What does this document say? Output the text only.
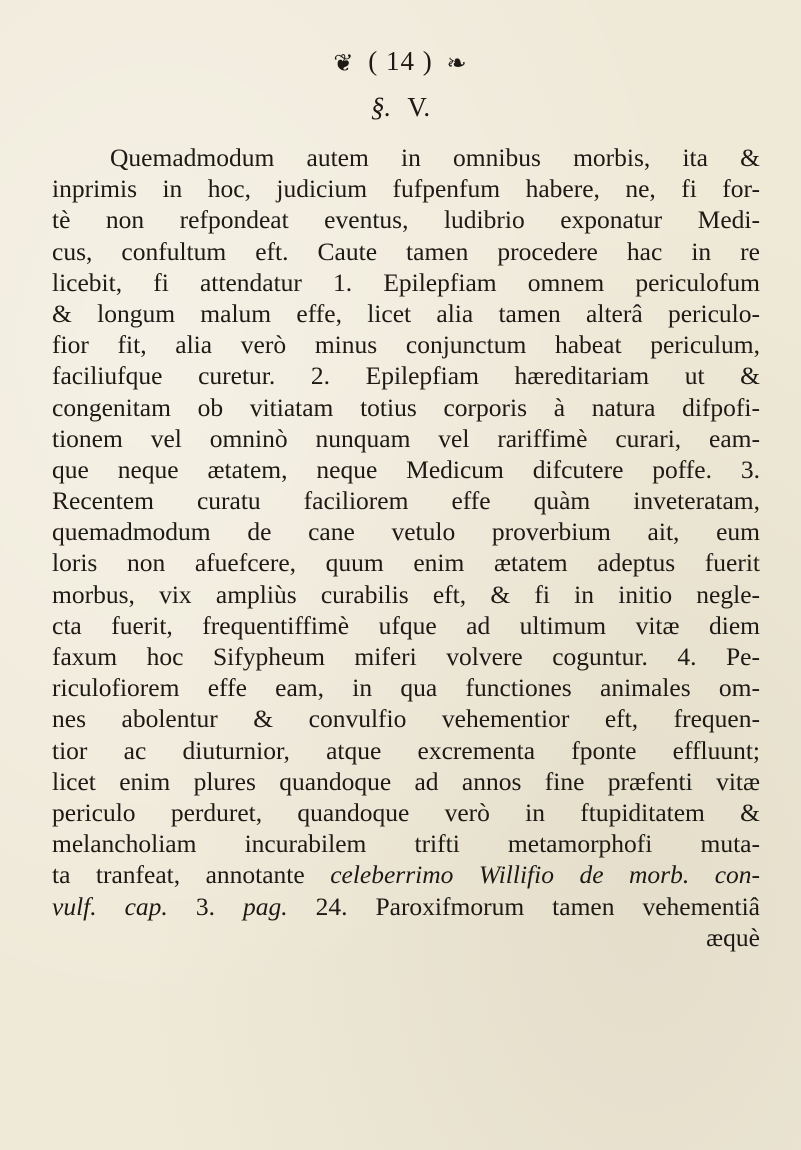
❦ ( 14 ) ❧
§. V.
Quemadmodum autem in omnibus morbis, ita &
inprimis in hoc, judicium fufpenfum habere, ne, fi for-
tè non refpondeat eventus, ludibrio exponatur Medi-
cus, confultum eft. Caute tamen procedere hac in re
licebit, fi attendatur 1. Epilepfiam omnem periculofum
& longum malum effe, licet alia tamen alterâ periculo-
fior fit, alia verò minus conjunctum habeat periculum,
faciliufque curetur. 2. Epilepfiam hæreditariam ut &
congenitam ob vitiatam totius corporis à natura difpofi-
tionem vel omninò nunquam vel rariffimè curari, eam-
que neque ætatem, neque Medicum difcutere poffe. 3.
Recentem curatu faciliorem effe quàm inveteratam,
quemadmodum de cane vetulo proverbium ait, eum
loris non afuefcere, quum enim ætatem adeptus fuerit
morbus, vix ampliùs curabilis eft, & fi in initio negle-
cta fuerit, frequentiffimè ufque ad ultimum vitæ diem
faxum hoc Sifypheum miferi volvere coguntur. 4. Pe-
riculofiorem effe eam, in qua functiones animales om-
nes abolentur & convulfio vehementior eft, frequen-
tior ac diuturnior, atque excrementa fponte effluunt;
licet enim plures quandoque ad annos fine præfenti vitæ
periculo perduret, quandoque verò in ftupiditatem &
melancholiam incurabilem trifti metamorphofi muta-
ta tranfeat, annotante celeberrimo Willifio de morb. con-
vulf. cap. 3. pag. 24. Paroxifmorum tamen vehementiâ
æquè
